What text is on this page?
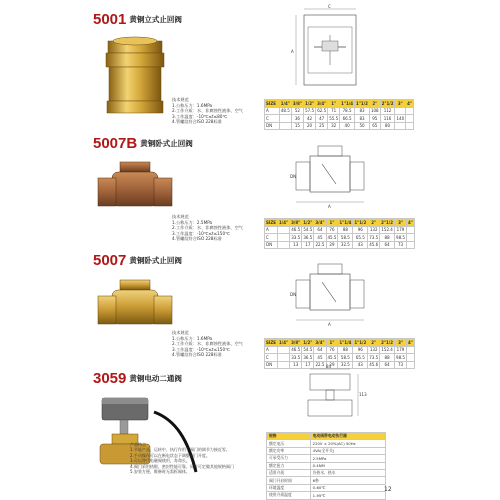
5001 黄铜立式止回阀
C
A
技术规范
1.公称压力：1.6MPa
2.工作介质：水、非腐蚀性液体、空气
3.工作温度：-10℃≤t≤80℃
4.管螺纹符合ISO 228标准
SIZE	1/4"	3/8"	1/2"	3/4"	1"	1"1/4	1"1/2	2"	2"1/2	3"	4"
A	48.5	52	57.5	62.5	71	78.5	83	108	112		
C		36	42	47	55.5	66.5	83	95	116	140	
DN		15	20	25	32	40	50	65	80		
5007B 黄铜卧式止回阀
A
DN
技术规范
1.公称压力：2.5MPa
2.工作介质：水、非腐蚀性液体、空气
3.工作温度：-10℃≤t≤150℃
4.管螺纹符合ISO 228标准
SIZE	1/4"	3/8"	1/2"	3/4"	1"	1"1/4	1"1/2	2"	2"1/2	3"	4"
A		46.5	54.5	64	76	88	96	132	152.4	179	
C		33.5	36.5	45	45.5	58.5	65.5	73.5	88	98.5	
DN		13	17	22.5	29	32.5	43	45.6	64	73	
5007 黄铜卧式止回阀
A
DN
技术规范
1.公称压力：1.6MPa
2.工作介质：水、非腐蚀性液体、空气
3.工作温度：-10℃≤t≤150℃
4.管螺纹符合ISO 228标准
SIZE	1/4"	3/8"	1/2"	3/4"	1"	1"1/4	1"1/2	2"	2"1/2	3"	4"
A		46.5	54.5	64	76	88	96	132	152.4	179	
C		33.5	36.5	45	45.5	58.5	65.5	73.5	88	98.5	
DN		13	17	22.5	29	32.5	43	45.6	64	73	
3059 黄铜电动二通阀
产品特点
1.节能产品，运转中，执行作用于阀门的调节力接近零。
2.手动操作可以在断电状态下调整阀门开度。
3.可以替代电磁阀使用，寿命长。
4.阀门采用热锻，密封性能可靠，同时可定做其他规格阀门
5.安装方便，维修时无需拆阀体。
84
113
规格	电动阀带电动执行器
额定电压	220V ± 20%(AC) 50Hz
额定功率	4VA(全开关)
可承受压力	2.5MPa
额定扭力	0.4NM
适用介质	冷热水、热水
阀门开启时间	6秒
环境温度	0-60℃
使用介质温度	1-95℃
12
